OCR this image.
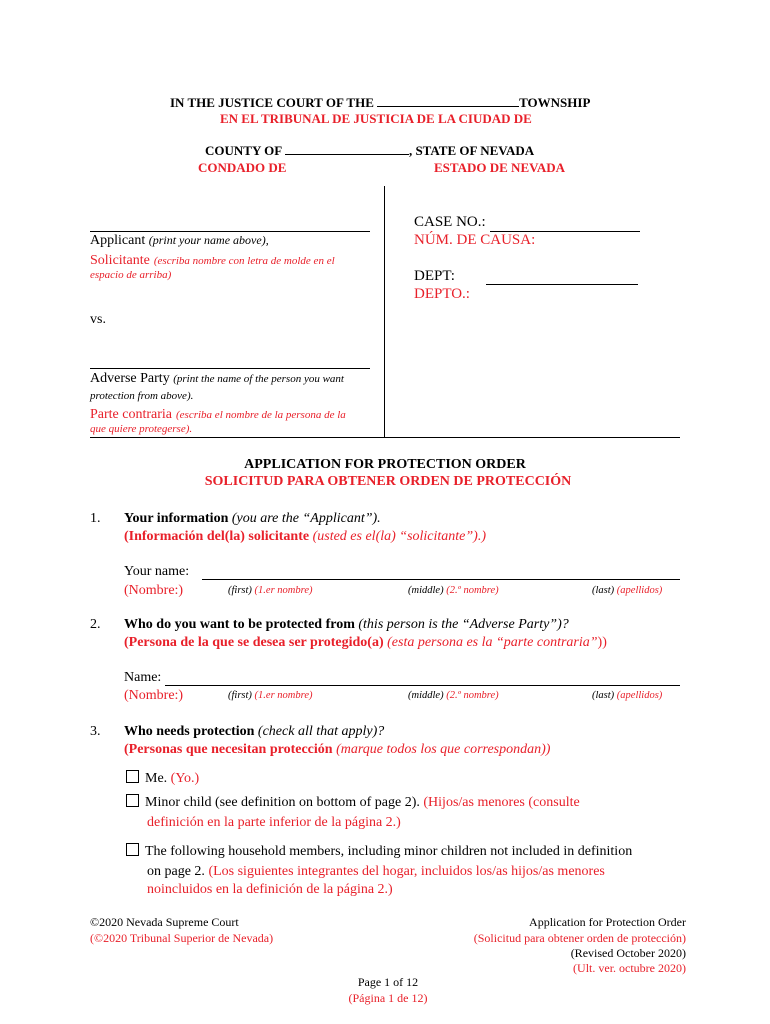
IN THE JUSTICE COURT OF THE	TOWNSHIP
EN EL TRIBUNAL DE JUSTICIA DE LA CIUDAD DE
COUNTY OF	, STATE OF NEVADA
CONDADO DE	ESTADO DE NEVADA
Applicant (print your name above),
Solicitante (escriba nombre con letra de molde en el
espacio de arriba)
vs.
Adverse Party (print the name of the person you want
protection from above).
Parte contraria (escriba el nombre de la persona de la
que quiere protegerse).
CASE NO.:
NÚM. DE CAUSA:
DEPT:
DEPTO.:
APPLICATION FOR PROTECTION ORDER
SOLICITUD PARA OBTENER ORDEN DE PROTECCIÓN
1. Your information (you are the “Applicant”).
(Información del(la) solicitante (usted es el(la) “solicitante”).)
Your name:
(Nombre:)	(first) (1.er nombre)	(middle) (2.º nombre)	(last) (apellidos)
2. Who do you want to be protected from (this person is the “Adverse Party”)?
(Persona de la que se desea ser protegido(a) (esta persona es la “parte contraria”))
Name:
(Nombre:)	(first) (1.er nombre)	(middle) (2.º nombre)	(last) (apellidos)
3. Who needs protection (check all that apply)?
(Personas que necesitan protección (marque todos los que correspondan))
Me. (Yo.)
Minor child (see definition on bottom of page 2). (Hijos/as menores (consulte
definición en la parte inferior de la página 2.)
The following household members, including minor children not included in definition
on page 2. (Los siguientes integrantes del hogar, incluidos los/as hijos/as menores
noincluidos en la definición de la página 2.)
©2020 Nevada Supreme Court
(©2020 Tribunal Superior de Nevada)
Application for Protection Order
(Solicitud para obtener orden de protección)
(Revised October 2020)
(Ult. ver. octubre 2020)
Page 1 of 12
(Página 1 de 12)
